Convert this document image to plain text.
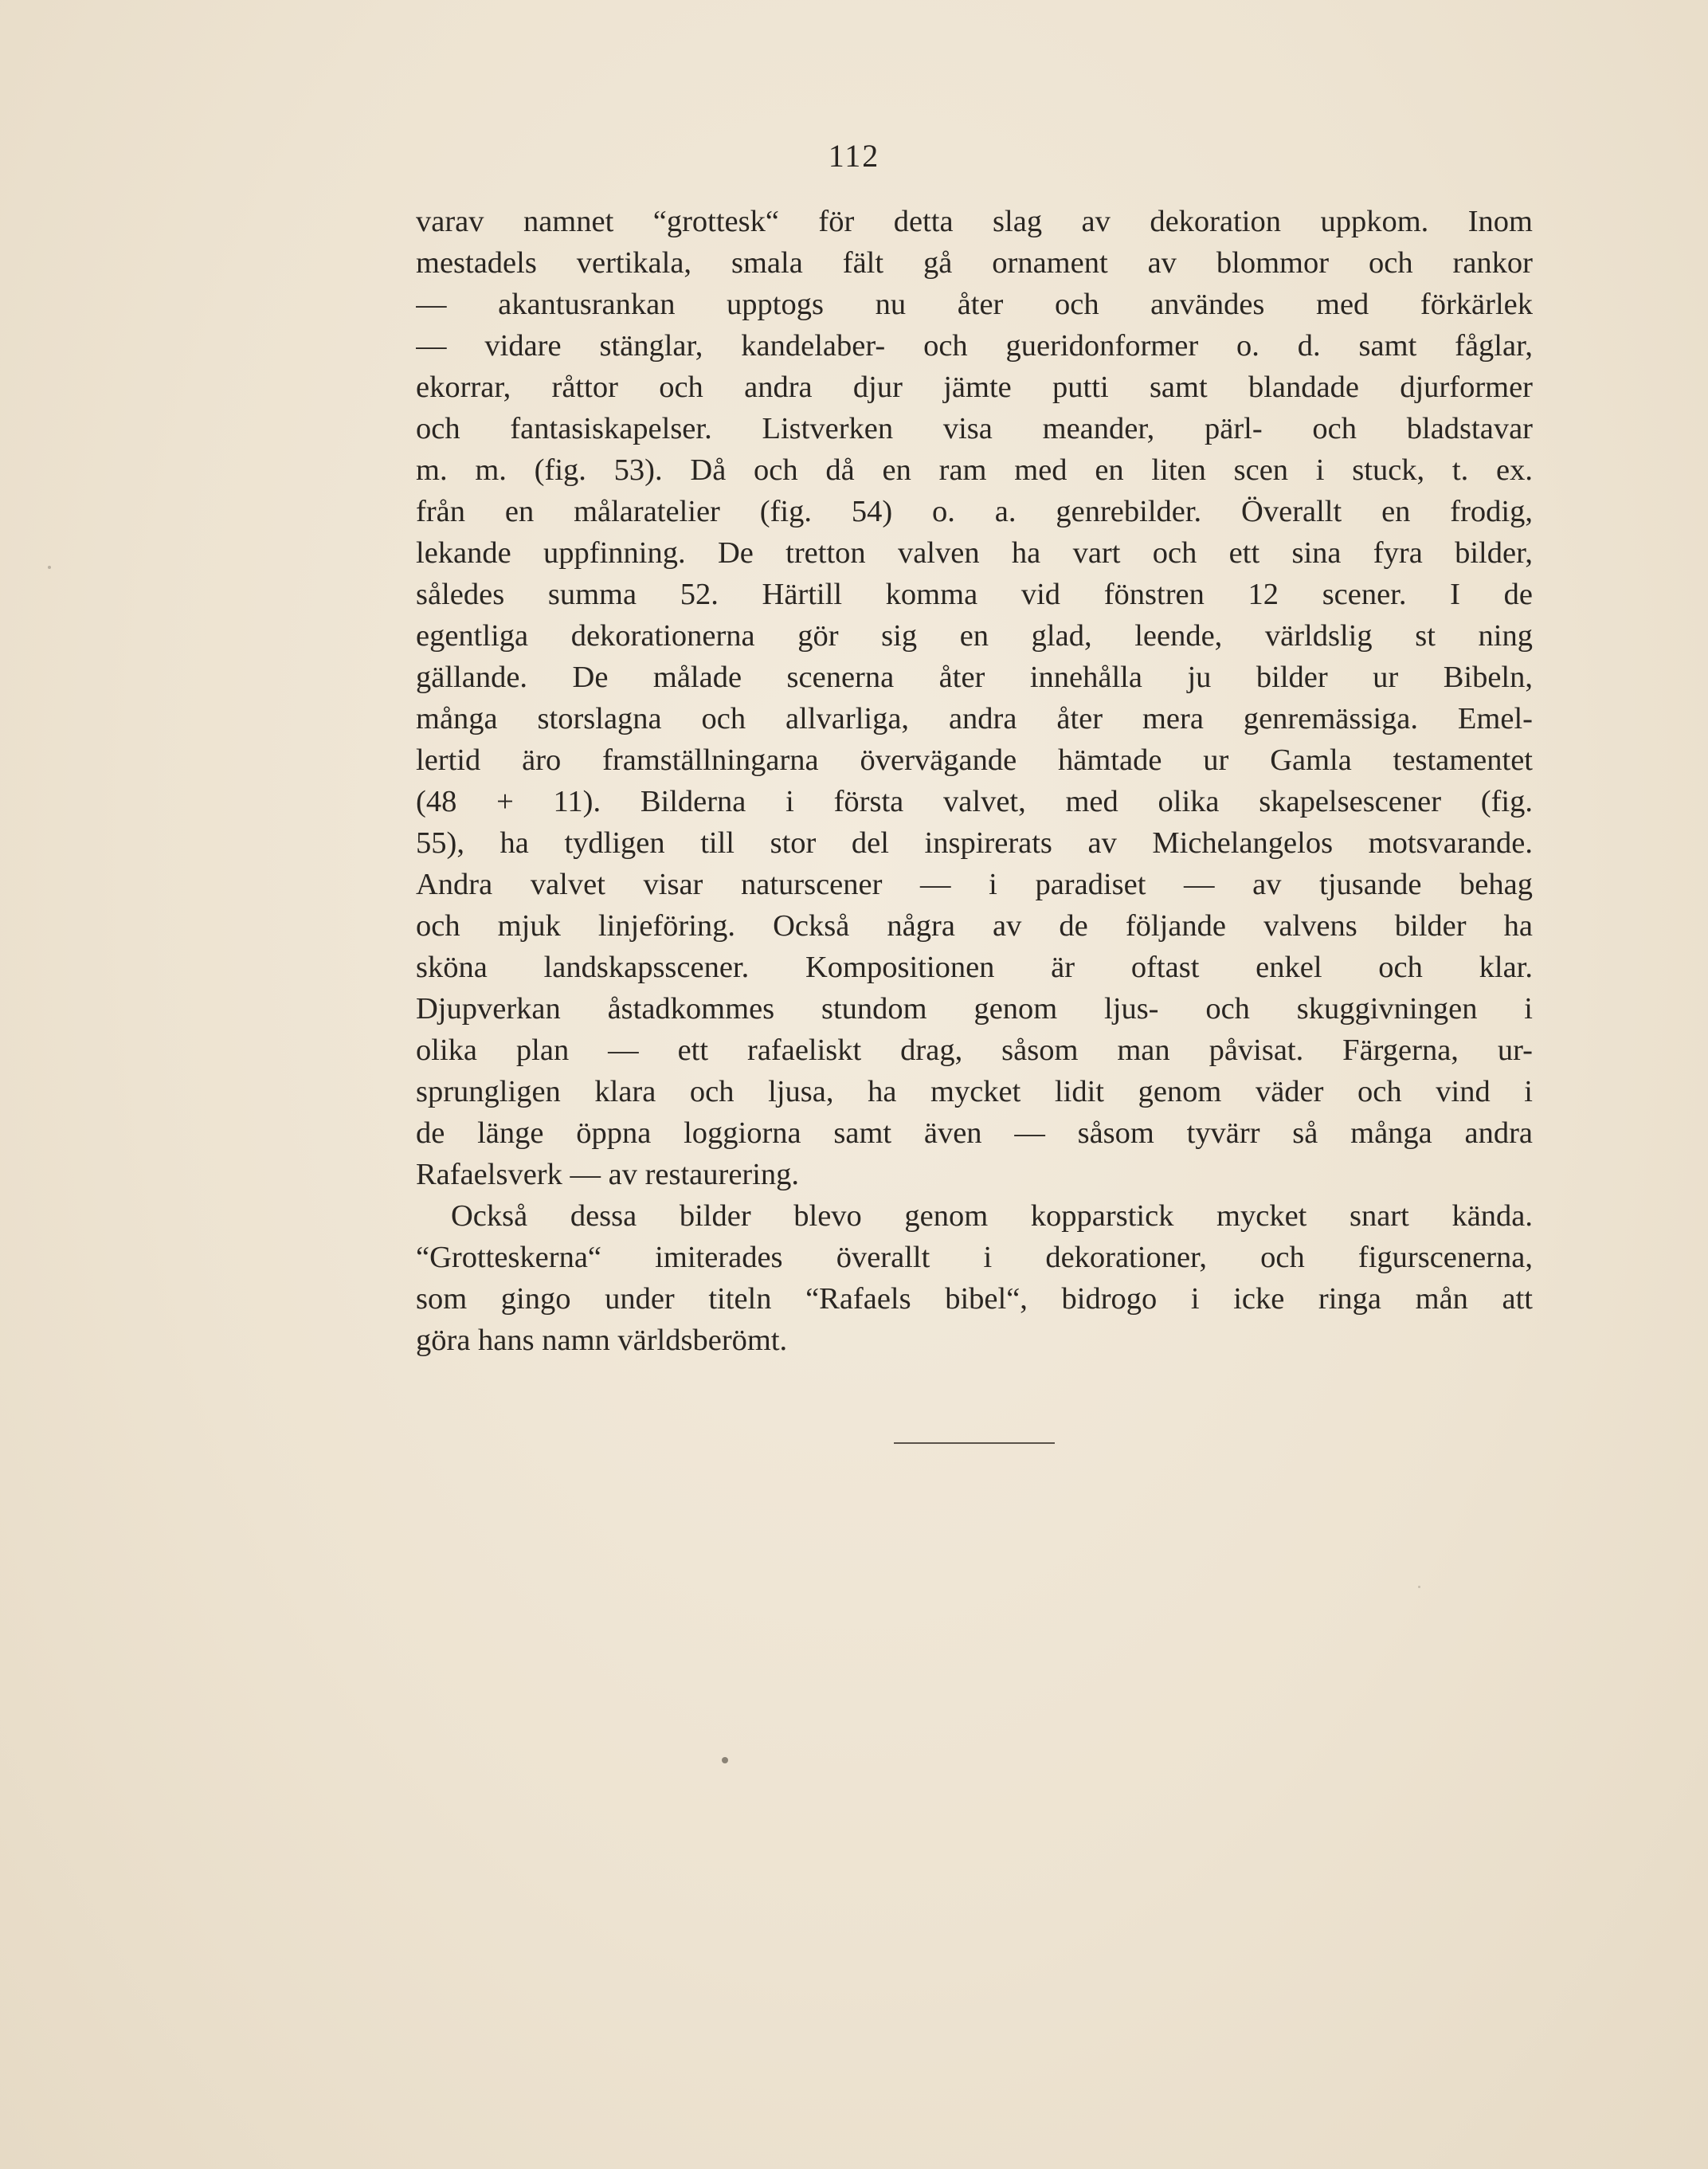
112
varav namnet “grottesk“ för detta slag av dekoration uppkom. Inom
mestadels vertikala, smala fält gå ornament av blommor och rankor
— akantusrankan upptogs nu åter och användes med förkärlek
— vidare stänglar, kandelaber- och gueridonformer o. d. samt fåglar,
ekorrar, råttor och andra djur jämte putti samt blandade djurformer
och fantasiskapelser. Listverken visa meander, pärl- och bladstavar
m. m. (fig. 53). Då och då en ram med en liten scen i stuck, t. ex.
från en målaratelier (fig. 54) o. a. genrebilder. Överallt en frodig,
lekande uppfinning. De tretton valven ha vart och ett sina fyra bilder,
således summa 52. Härtill komma vid fönstren 12 scener. I de
egentliga dekorationerna gör sig en glad, leende, världslig st ning
gällande. De målade scenerna åter innehålla ju bilder ur Bibeln,
många storslagna och allvarliga, andra åter mera genremässiga. Emel-
lertid äro framställningarna övervägande hämtade ur Gamla testamentet
(48 + 11). Bilderna i första valvet, med olika skapelsescener (fig.
55), ha tydligen till stor del inspirerats av Michelangelos motsvarande.
Andra valvet visar naturscener — i paradiset — av tjusande behag
och mjuk linjeföring. Också några av de följande valvens bilder ha
sköna landskapsscener. Kompositionen är oftast enkel och klar.
Djupverkan åstadkommes stundom genom ljus- och skuggivningen i
olika plan — ett rafaeliskt drag, såsom man påvisat. Färgerna, ur-
sprungligen klara och ljusa, ha mycket lidit genom väder och vind i
de länge öppna loggiorna samt även — såsom tyvärr så många andra
Rafaelsverk — av restaurering.
Också dessa bilder blevo genom kopparstick mycket snart kända.
“Grotteskerna“ imiterades överallt i dekorationer, och figurscenerna,
som gingo under titeln “Rafaels bibel“, bidrogo i icke ringa mån att
göra hans namn världsberömt.
